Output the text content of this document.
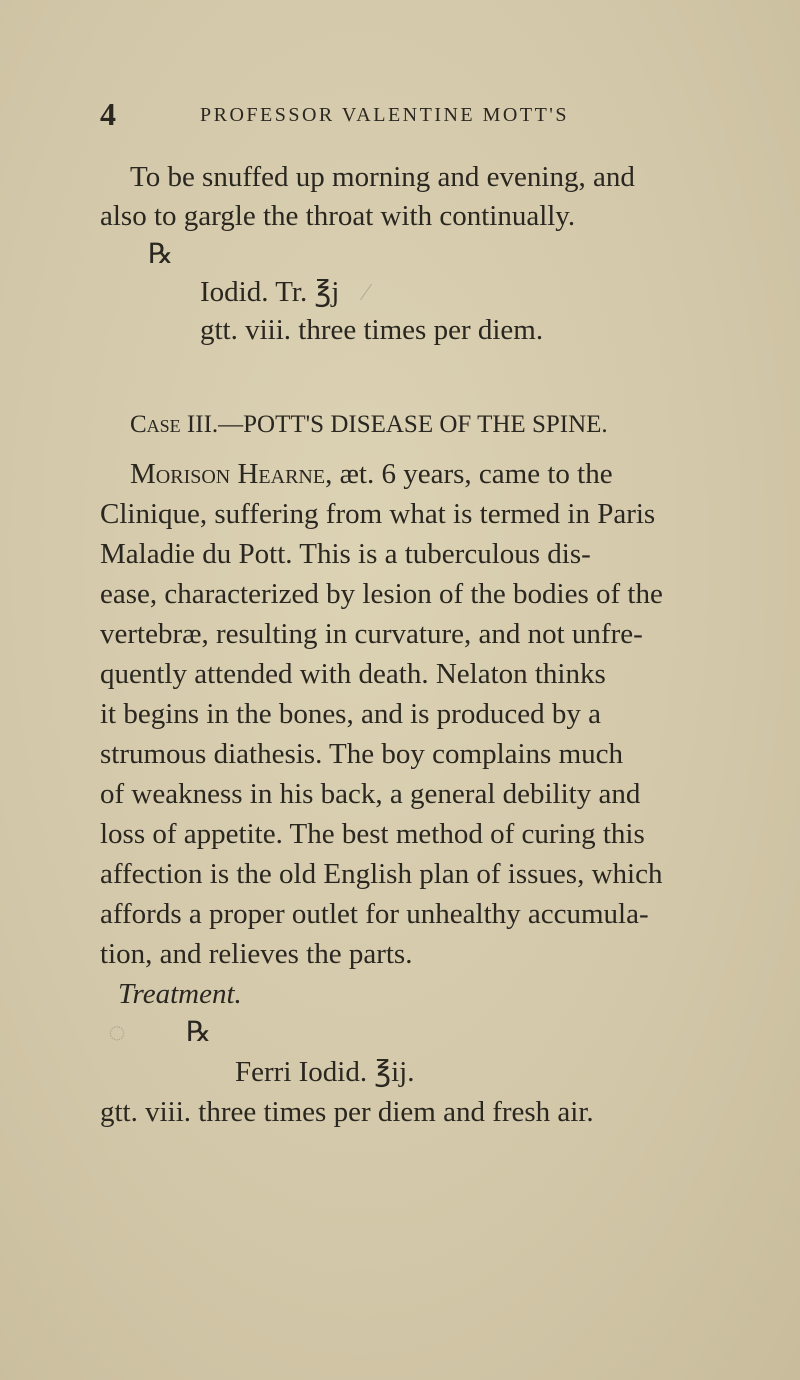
4	PROFESSOR VALENTINE MOTT'S
To be snuffed up morning and evening, and
also to gargle the throat with continually.
℞
Iodid. Tr. ℥j
gtt. viii. three times per diem.
⁄
Case III.—POTT'S DISEASE OF THE SPINE.
Morison Hearne, æt. 6 years, came to the
Clinique, suffering from what is termed in Paris
Maladie du Pott. This is a tuberculous dis-
ease, characterized by lesion of the bodies of the
vertebræ, resulting in curvature, and not unfre-
quently attended with death. Nelaton thinks
it begins in the bones, and is produced by a
strumous diathesis. The boy complains much
of weakness in his back, a general debility and
loss of appetite. The best method of curing this
affection is the old English plan of issues, which
affords a proper outlet for unhealthy accumula-
tion, and relieves the parts.
Treatment.
℞
◌
Ferri Iodid. ℥ij.
gtt. viii. three times per diem and fresh air.
